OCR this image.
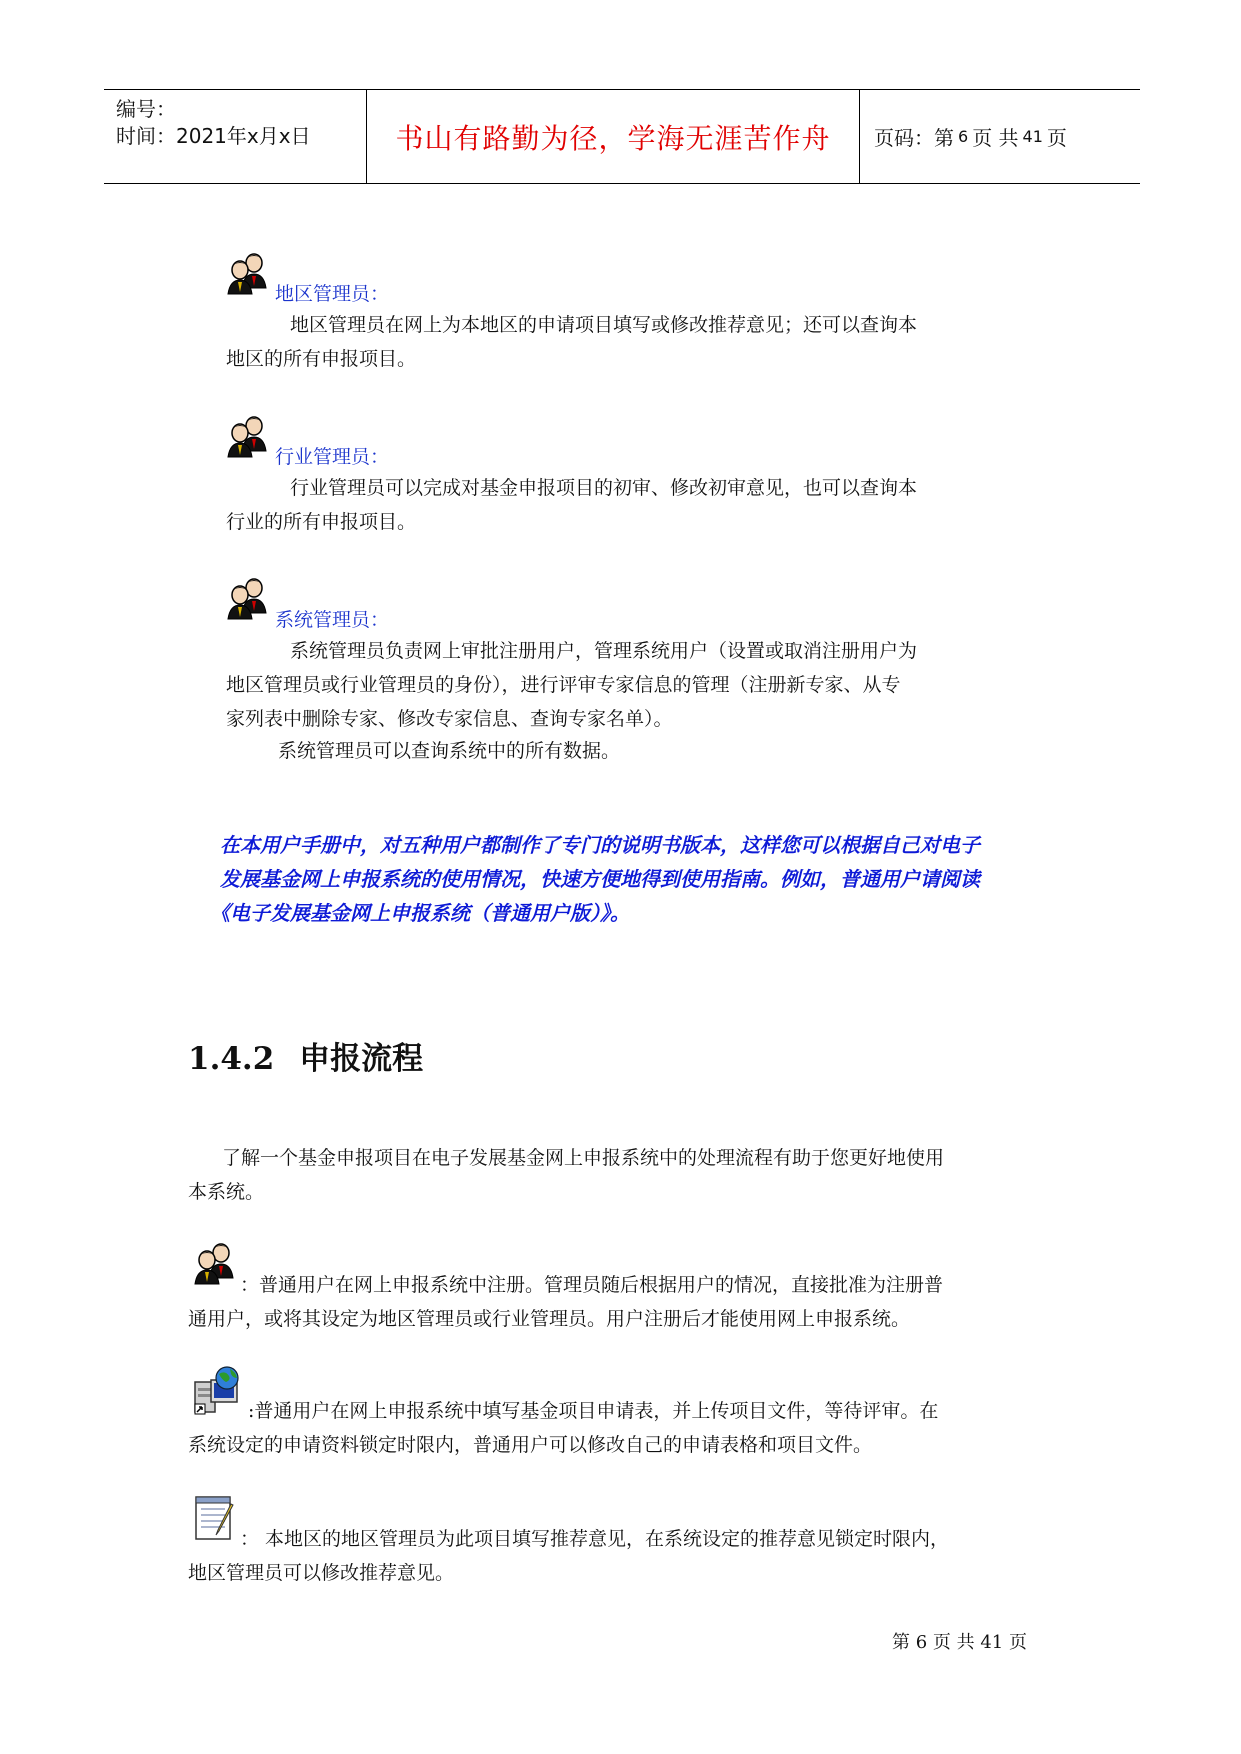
编号：
时间：2021年x月x日	书山有路勤为径，学海无涯苦作舟 页码：第 6 页 共 41 页
地区管理员：
地区管理员在网上为本地区的申请项目填写或修改推荐意见；还可以查询本
地区的所有申报项目。
行业管理员：
行业管理员可以完成对基金申报项目的初审、修改初审意见，也可以查询本
行业的所有申报项目。
系统管理员：
系统管理员负责网上审批注册用户，管理系统用户（设置或取消注册用户为
地区管理员或行业管理员的身份），进行评审专家信息的管理（注册新专家、从专
家列表中删除专家、修改专家信息、查询专家名单）。
系统管理员可以查询系统中的所有数据。
在本用户手册中，对五种用户都制作了专门的说明书版本，这样您可以根据自己对电子
发展基金网上申报系统的使用情况，快速方便地得到使用指南。例如，普通用户请阅读
《电子发展基金网上申报系统（普通用户版）》。
1.4.2 申报流程
了解一个基金申报项目在电子发展基金网上申报系统中的处理流程有助于您更好地使用
本系统。
：普通用户在网上申报系统中注册。管理员随后根据用户的情况，直接批准为注册普
通用户，或将其设定为地区管理员或行业管理员。用户注册后才能使用网上申报系统。
:普通用户在网上申报系统中填写基金项目申请表，并上传项目文件，等待评审。在
系统设定的申请资料锁定时限内，普通用户可以修改自己的申请表格和项目文件。
： 本地区的地区管理员为此项目填写推荐意见，在系统设定的推荐意见锁定时限内，
地区管理员可以修改推荐意见。
第 6 页 共 41 页
